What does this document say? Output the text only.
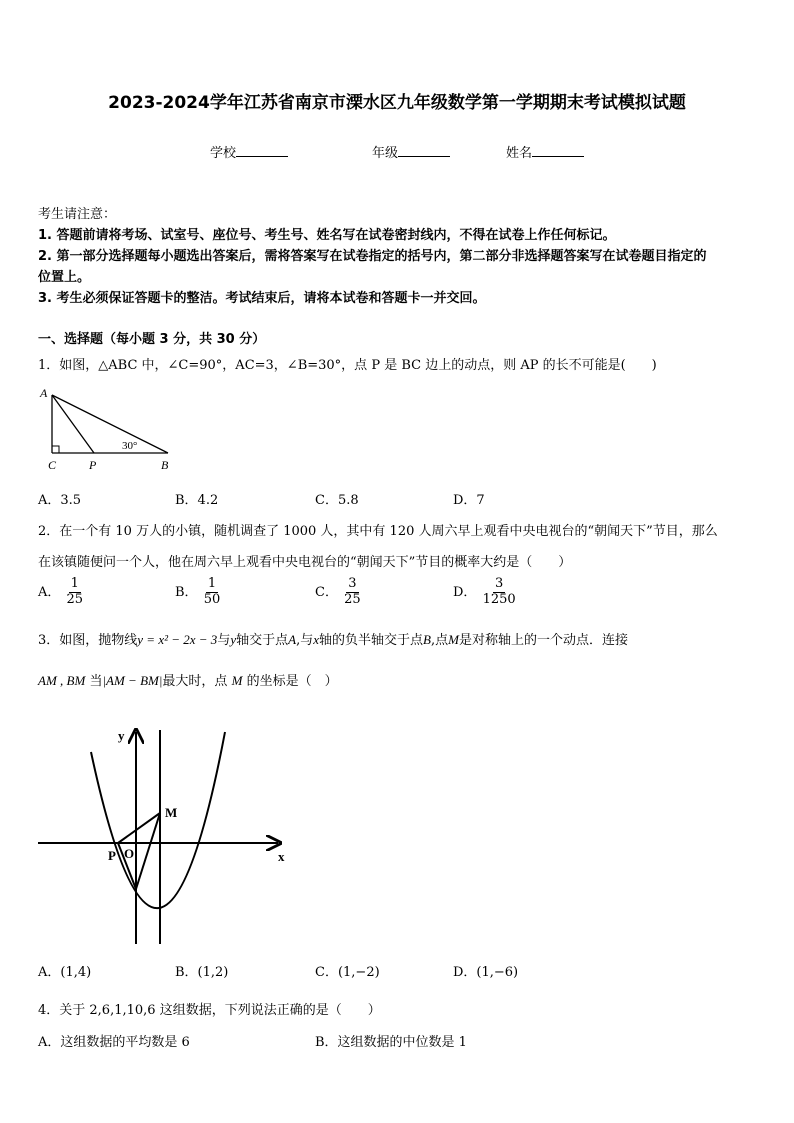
2023-2024学年江苏省南京市溧水区九年级数学第一学期期末考试模拟试题
学校	年级	姓名
考生请注意：
1. 答题前请将考场、试室号、座位号、考生号、姓名写在试卷密封线内，不得在试卷上作任何标记。
2. 第一部分选择题每小题选出答案后，需将答案写在试卷指定的括号内，第二部分非选择题答案写在试卷题目指定的
位置上。
3. 考生必须保证答题卡的整洁。考试结束后，请将本试卷和答题卡一并交回。
一、选择题（每小题 3 分，共 30 分）
1．如图，△ABC 中，∠C=90°，AC=3，∠B=30°，点 P 是 BC 边上的动点，则 AP 的长不可能是(　　)
A
C	P	B
30°
A．3.5	B．4.2	C．5.8	D．7
2．在一个有 10 万人的小镇，随机调查了 1000 人，其中有 120 人周六早上观看中央电视台的“朝闻天下”节目，那么
在该镇随便问一个人，他在周六早上观看中央电视台的“朝闻天下”节目的概率大约是（　　）
A． $\frac{1}{25}$	B． $\frac{1}{50}$	C． $\frac{3}{25}$	D． $\frac{3}{1250}$
3．如图，抛物线y = x² − 2x − 3与y轴交于点A,与x轴的负半轴交于点B,点M是对称轴上的一个动点．连接
AM , BM 当|AM − BM|最大时，点 M 的坐标是（　）
y
x
M
P O
A．(1,4)	B．(1,2)	C．(1,−2)	D．(1,−6)
4．关于 2,6,1,10,6 这组数据，下列说法正确的是（　　）
A．这组数据的平均数是 6	B．这组数据的中位数是 1
